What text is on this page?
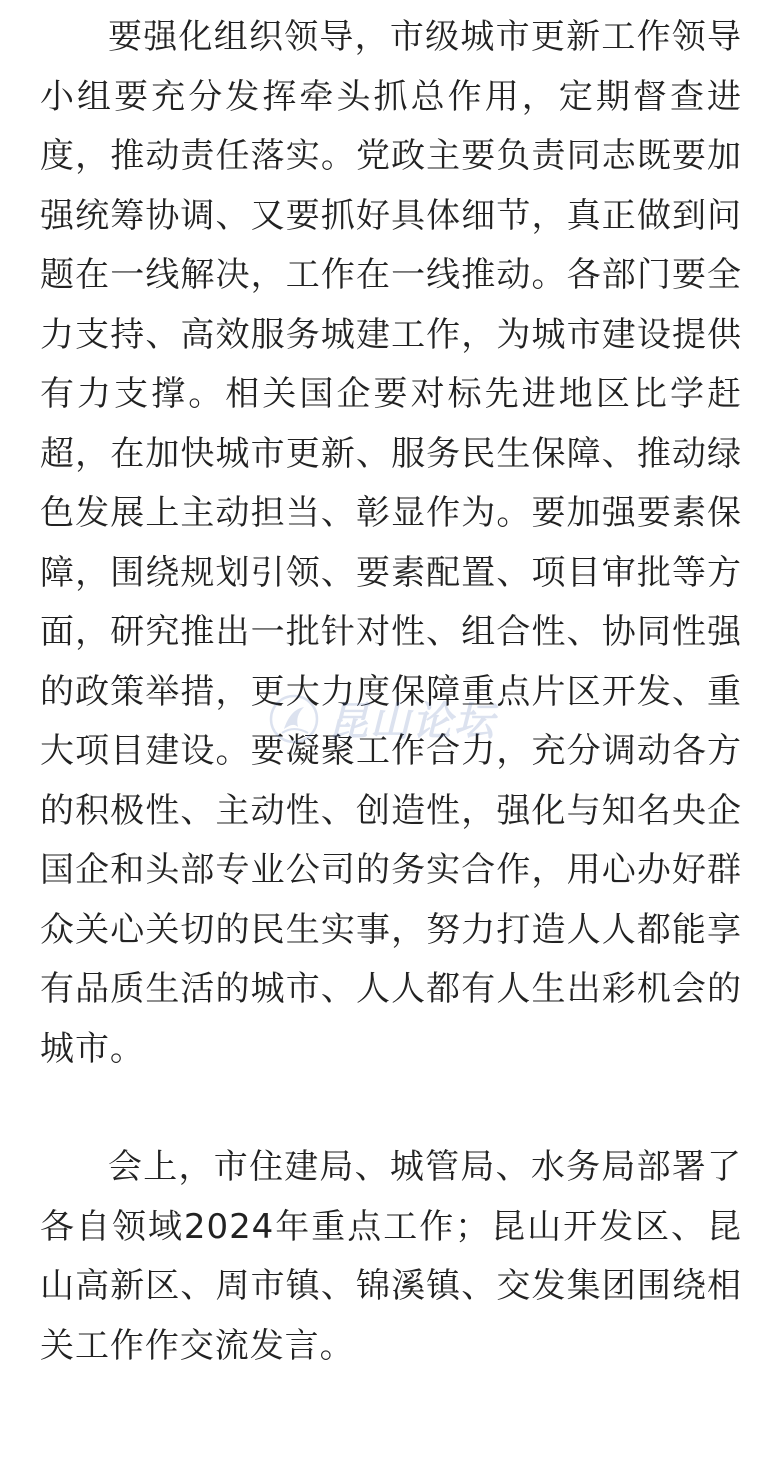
要强化组织领导，市级城市更新工作领导小组要充分发挥牵头抓总作用，定期督查进度，推动责任落实。党政主要负责同志既要加强统筹协调、又要抓好具体细节，真正做到问题在一线解决，工作在一线推动。各部门要全力支持、高效服务城建工作，为城市建设提供有力支撑。相关国企要对标先进地区比学赶超，在加快城市更新、服务民生保障、推动绿色发展上主动担当、彰显作为。要加强要素保障，围绕规划引领、要素配置、项目审批等方面，研究推出一批针对性、组合性、协同性强的政策举措，更大力度保障重点片区开发、重大项目建设。要凝聚工作合力，充分调动各方的积极性、主动性、创造性，强化与知名央企国企和头部专业公司的务实合作，用心办好群众关心关切的民生实事，努力打造人人都能享有品质生活的城市、人人都有人生出彩机会的城市。

会上，市住建局、城管局、水务局部署了各自领域2024年重点工作；昆山开发区、昆山高新区、周市镇、锦溪镇、交发集团围绕相关工作作交流发言。

昆山论坛
